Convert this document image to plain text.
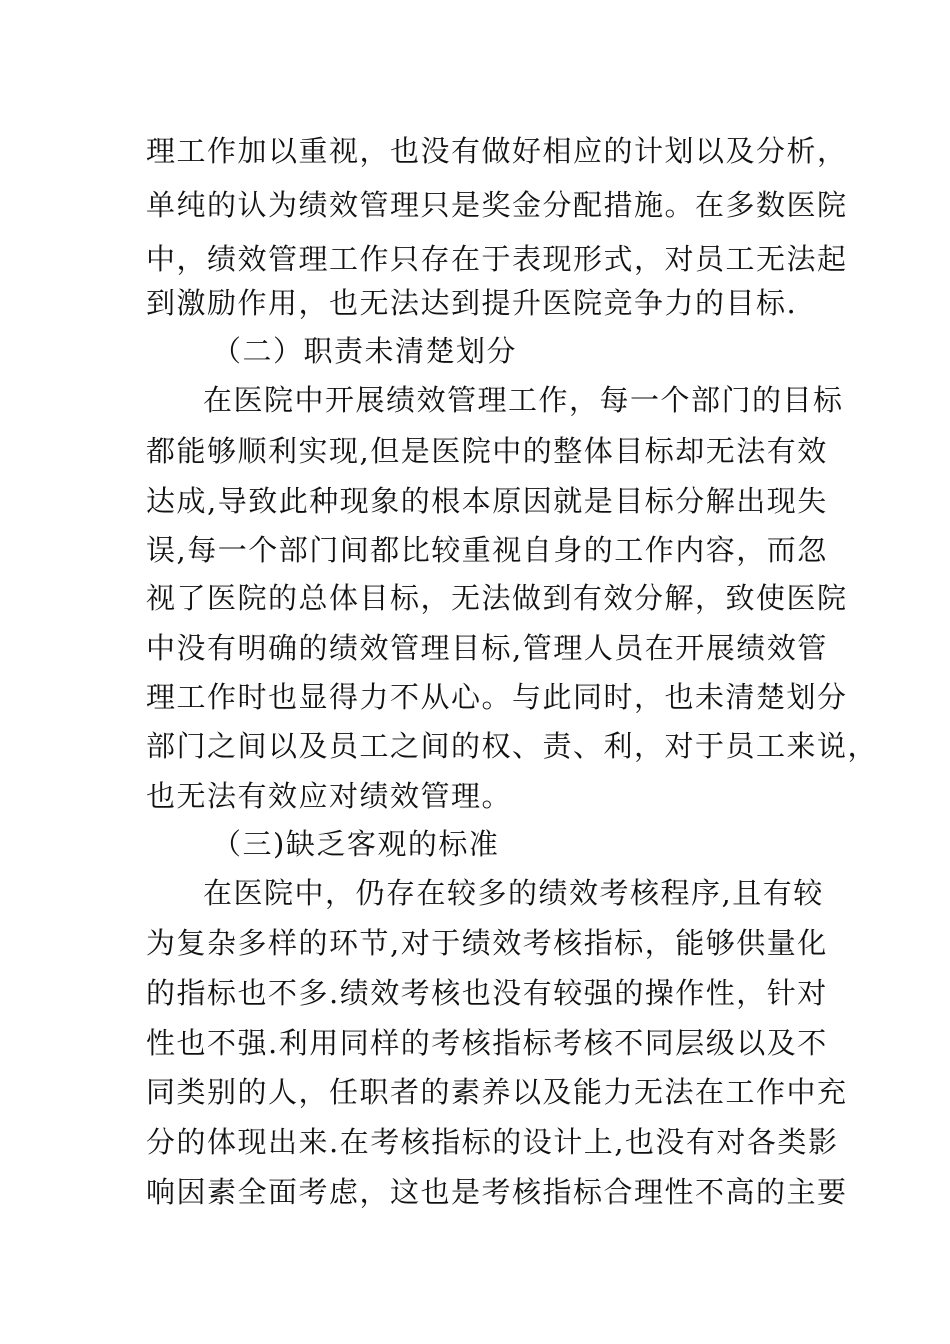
理工作加以重视，也没有做好相应的计划以及分析，

单纯的认为绩效管理只是奖金分配措施。在多数医院

中，绩效管理工作只存在于表现形式，对员工无法起

到激励作用，也无法达到提升医院竞争力的目标.

（二）职责未清楚划分

在医院中开展绩效管理工作，每一个部门的目标

都能够顺利实现,但是医院中的整体目标却无法有效

达成,导致此种现象的根本原因就是目标分解出现失

误,每一个部门间都比较重视自身的工作内容，而忽

视了医院的总体目标，无法做到有效分解，致使医院

中没有明确的绩效管理目标,管理人员在开展绩效管

理工作时也显得力不从心。与此同时，也未清楚划分

部门之间以及员工之间的权、责、利，对于员工来说，

也无法有效应对绩效管理。

（三)缺乏客观的标准

在医院中，仍存在较多的绩效考核程序,且有较

为复杂多样的环节,对于绩效考核指标，能够供量化

的指标也不多.绩效考核也没有较强的操作性，针对

性也不强.利用同样的考核指标考核不同层级以及不

同类别的人，任职者的素养以及能力无法在工作中充

分的体现出来.在考核指标的设计上,也没有对各类影

响因素全面考虑，这也是考核指标合理性不高的主要
